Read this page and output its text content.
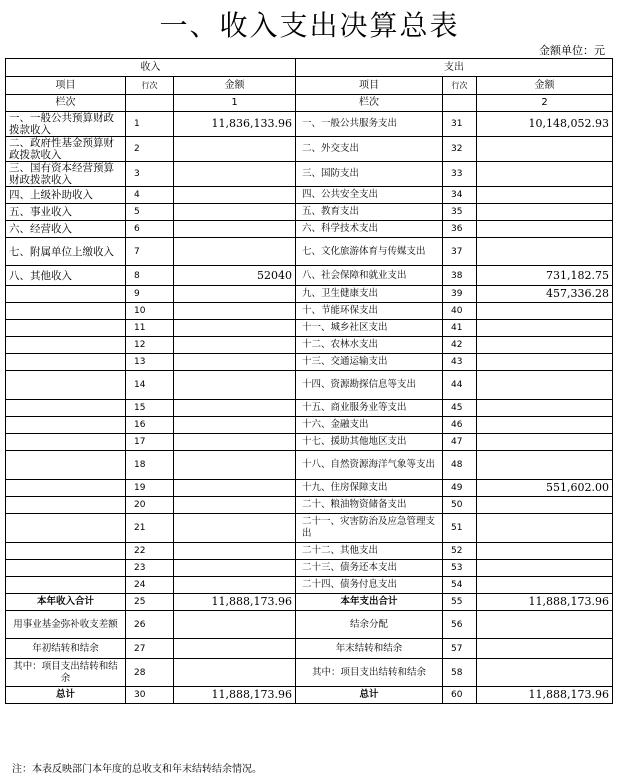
一、收入支出决算总表
金额单位：元
收入			支出		
项目	行次	金额	项目	行次	金额
栏次		1	栏次		2
一、一般公共预算财政拨款收入	1	11,836,133.96	一、一般公共服务支出	31	10,148,052.93
二、政府性基金预算财政拨款收入	2		二、外交支出	32	
三、国有资本经营预算财政拨款收入	3		三、国防支出	33	
四、上级补助收入	4		四、公共安全支出	34	
五、事业收入	5		五、教育支出	35	
六、经营收入	6		六、科学技术支出	36	
七、附属单位上缴收入	7		七、文化旅游体育与传媒支出	37	
八、其他收入	8	52040	八、社会保障和就业支出	38	731,182.75
	9		九、卫生健康支出	39	457,336.28
	10		十、节能环保支出	40	
	11		十一、城乡社区支出	41	
	12		十二、农林水支出	42	
	13		十三、交通运输支出	43	
	14		十四、资源勘探信息等支出	44	
	15		十五、商业服务业等支出	45	
	16		十六、金融支出	46	
	17		十七、援助其他地区支出	47	
	18		十八、自然资源海洋气象等支出	48	
	19		十九、住房保障支出	49	551,602.00
	20		二十、粮油物资储备支出	50	
	21		二十一、灾害防治及应急管理支出	51	
	22		二十二、其他支出	52	
	23		二十三、债务还本支出	53	
	24		二十四、债务付息支出	54	
本年收入合计	25	11,888,173.96	本年支出合计	55	11,888,173.96
用事业基金弥补收支差额	26		结余分配	56	
年初结转和结余	27		年末结转和结余	57	
其中：项目支出结转和结余	28		其中：项目支出结转和结余	58	
总计	30	11,888,173.96	总计	60	11,888,173.96
注：本表反映部门本年度的总收支和年末结转结余情况。
